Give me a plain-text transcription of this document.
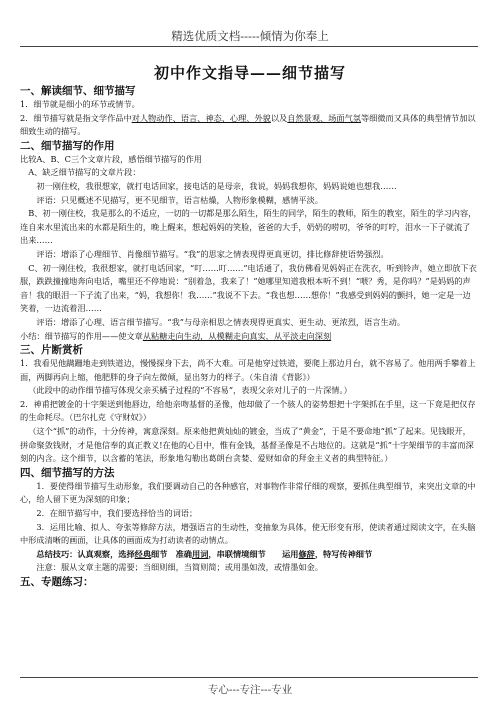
精选优质文档-----倾情为你奉上
初中作文指导——细节描写

一、解读细节、细节描写

1．细节就是细小的环节或情节。

2．细节描写就是指文学作品中对人物动作、语言、神态、心理、外貌以及自然景观、场面气氛等细微而又具体的典型情节加以细致生动的描写。

二、细节描写的作用

比较A、B、C三个文章片段，感悟细节描写的作用

A、缺乏细节描写的文章片段：

初一刚住校，我很想家，就打电话回家，接电话的是母亲，我说，妈妈我想你，妈妈说她也想我……

评语：只见概述不见描写，更不见细节，语言枯燥，人物形象模糊，感情平淡。

B、初一刚住校，我是那么的不适应，一切的一切都是那么陌生，陌生的同学，陌生的教师，陌生的教室，陌生的学习内容，连自来水里流出来的水都是陌生的，晚上醒来，想起妈妈的笑脸，爸爸的大手，奶奶的唠叨，爷爷的叮咛，泪水一下子就流了出来……

评语：增添了心理细节、肖像细节描写。“我”的思家之情表现得更真更切，排比修辞使语势强烈。

C、初一刚住校，我很想家，就打电话回家，“叮……叮……”电话通了，我仿佛看见妈妈正在洗衣，听到铃声，她立即放下衣服，跌跌撞撞地奔向电话，嘴里还不停地说：“别着急，我来了！”她哪里知道我根本听不到！“喂？秀，是你吗？”是妈妈的声音！我的眼泪一下子流了出来，“妈，我想你！我……”我说不下去。“我也想……想你！”我感受到妈妈的颤抖，她一定是一边笑着，一边流着泪……

评语：增添了心理、语言细节描写。“我”与母亲相思之情表现得更真实、更生动、更浓烈，语言生动。

小结：细节描写的作用——使文章从粘糖走向生动，从模糊走向真实，从平淡走向深刻

三、片断赏析

1．我看见他蹒跚地走到铁道边，慢慢探身下去，尚不大难。可是他穿过铁道，要爬上那边月台，就不容易了。他用两手攀着上面，两脚再向上缩，他肥胖的身子向左微倾，显出努力的样子。（朱自清《背影》）

（此段中的动作细节描写体现父亲买橘子过程的“不容易”，表现父亲对儿子的一片深情。）

2．神甫把镀金的十字架送到他唇边，给他亲吻基督的圣像，他却做了一个骇人的姿势想把十字架抓在手里，这一下竟是把仅存的生命耗尽。（巴尔扎克《守财奴》）

（这个“抓”的动作，十分传神，寓意深刻。原来他把黄灿灿的镀金，当成了“黄金”，于是不要命地“抓”了起来。见钱眼开，拼命聚敛钱财，才是他信奉的真正教义!在他的心目中，惟有金钱，基督圣像是不占地位的。这就是“抓”十字架细节的丰富而深刻的内含。这个细节，以含蓄的笔法，形象地勾勒出葛朗台贪婪、爱财如命的拜金主义者的典型特征。）

四、细节描写的方法

1．要使得细节描写生动形象，我们要调动自己的各种感官，对事物作非常仔细的观察，要抓住典型细节，来突出文章的中心，给人留下更为深刻的印象；

2．在细节描写中，我们要选择恰当的词语；

3．运用比喻、拟人、夸张等修辞方法，增强语言的生动性，变抽象为具体，使无形变有形，使读者通过阅读文字，在头脑中形成清晰的画面，让具体的画面成为打动读者的动情点。

总结技巧：认真观察，选择经典细节　准确用词，串联情境细节　　运用修辞，特写传神细节

注意：服从文章主题的需要；当细则细，当简则简；或用墨如泼，或惜墨如金。

五、专题练习：

专心---专注---专业
